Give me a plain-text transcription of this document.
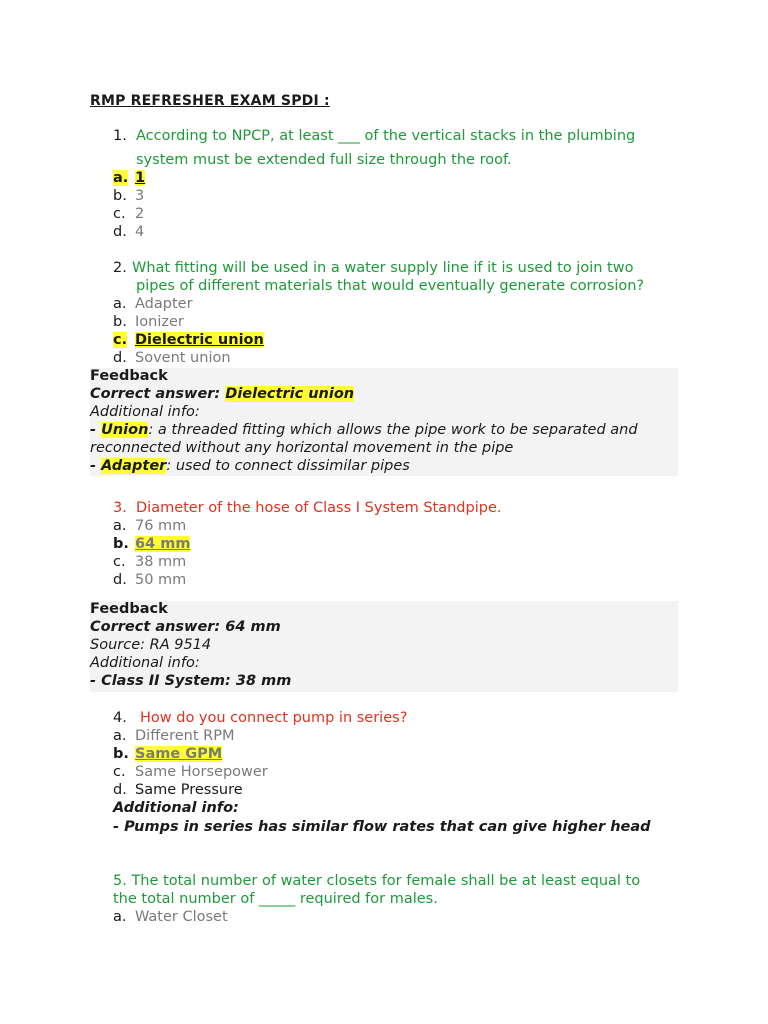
RMP REFRESHER EXAM SPDI :
1. According to NPCP, at least ___ of the vertical stacks in the plumbing
system must be extended full size through the roof.
a. 1
b. 3
c. 2
d. 4
2. What fitting will be used in a water supply line if it is used to join two
pipes of different materials that would eventually generate corrosion?
a. Adapter
b. Ionizer
c. Dielectric union
d. Sovent union
Feedback
Correct answer: Dielectric union
Additional info:
- Union: a threaded fitting which allows the pipe work to be separated and
reconnected without any horizontal movement in the pipe
- Adapter: used to connect dissimilar pipes
3. Diameter of the hose of Class I System Standpipe.
a. 76 mm
b. 64 mm
c. 38 mm
d. 50 mm
Feedback
Correct answer: 64 mm
Source: RA 9514
Additional info:
- Class II System: 38 mm
4. How do you connect pump in series?
a. Different RPM
b. Same GPM
c. Same Horsepower
d. Same Pressure
Additional info:
- Pumps in series has similar flow rates that can give higher head
5. The total number of water closets for female shall be at least equal to
the total number of _____ required for males.
a. Water Closet
